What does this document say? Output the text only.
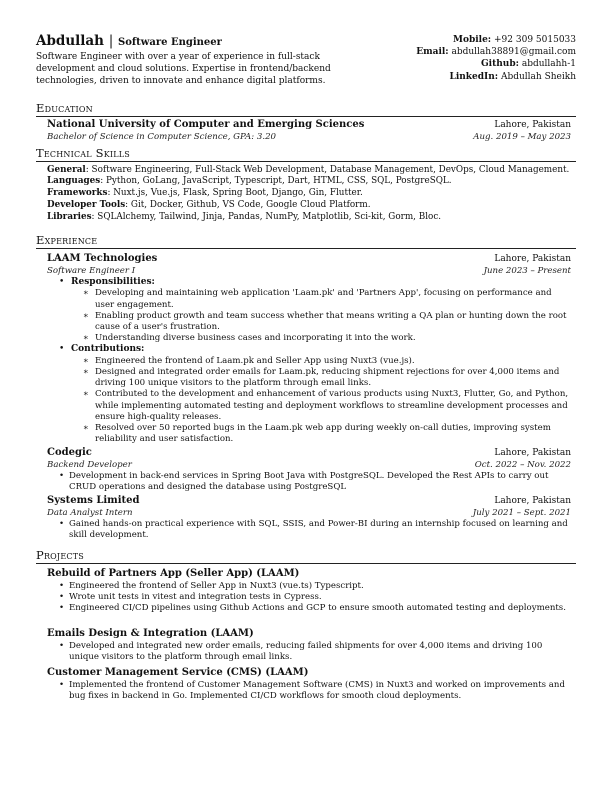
Abdullah | Software Engineer
Software Engineer with over a year of experience in full-stack development and cloud solutions. Expertise in frontend/backend technologies, driven to innovate and enhance digital platforms.
Mobile: +92 309 5015033
Email: abdullah38891@gmail.com
Github: abdullahh-1
LinkedIn: Abdullah Sheikh
Education
National University of Computer and Emerging Sciences	Lahore, Pakistan
Bachelor of Science in Computer Science, GPA: 3.20	Aug. 2019 – May 2023
Technical Skills
General: Software Engineering, Full-Stack Web Development, Database Management, DevOps, Cloud Management.
Languages: Python, GoLang, JavaScript, Typescript, Dart, HTML, CSS, SQL, PostgreSQL.
Frameworks: Nuxt.js, Vue.js, Flask, Spring Boot, Django, Gin, Flutter.
Developer Tools: Git, Docker, Github, VS Code, Google Cloud Platform.
Libraries: SQLAlchemy, Tailwind, Jinja, Pandas, NumPy, Matplotlib, Sci-kit, Gorm, Bloc.
Experience
LAAM Technologies	Lahore, Pakistan
Software Engineer I	June 2023 – Present
• Responsibilities:
∗ Developing and maintaining web application 'Laam.pk' and 'Partners App', focusing on performance and user engagement.
∗ Enabling product growth and team success whether that means writing a QA plan or hunting down the root cause of a user's frustration.
∗ Understanding diverse business cases and incorporating it into the work.
• Contributions:
∗ Engineered the frontend of Laam.pk and Seller App using Nuxt3 (vue.js).
∗ Designed and integrated order emails for Laam.pk, reducing shipment rejections for over 4,000 items and driving 100 unique visitors to the platform through email links.
∗ Contributed to the development and enhancement of various products using Nuxt3, Flutter, Go, and Python, while implementing automated testing and deployment workflows to streamline development processes and ensure high-quality releases.
∗ Resolved over 50 reported bugs in the Laam.pk web app during weekly on-call duties, improving system reliability and user satisfaction.
Codegic	Lahore, Pakistan
Backend Developer	Oct. 2022 – Nov. 2022
• Development in back-end services in Spring Boot Java with PostgreSQL. Developed the Rest APIs to carry out CRUD operations and designed the database using PostgreSQL
Systems Limited	Lahore, Pakistan
Data Analyst Intern	July 2021 – Sept. 2021
• Gained hands-on practical experience with SQL, SSIS, and Power-BI during an internship focused on learning and skill development.
Projects
Rebuild of Partners App (Seller App) (LAAM)
• Engineered the frontend of Seller App in Nuxt3 (vue.ts) Typescript.
• Wrote unit tests in vitest and integration tests in Cypress.
• Engineered CI/CD pipelines using Github Actions and GCP to ensure smooth automated testing and deployments.
Emails Design & Integration (LAAM)
• Developed and integrated new order emails, reducing failed shipments for over 4,000 items and driving 100 unique visitors to the platform through email links.
Customer Management Service (CMS) (LAAM)
• Implemented the frontend of Customer Management Software (CMS) in Nuxt3 and worked on improvements and bug fixes in backend in Go. Implemented CI/CD workflows for smooth cloud deployments.
